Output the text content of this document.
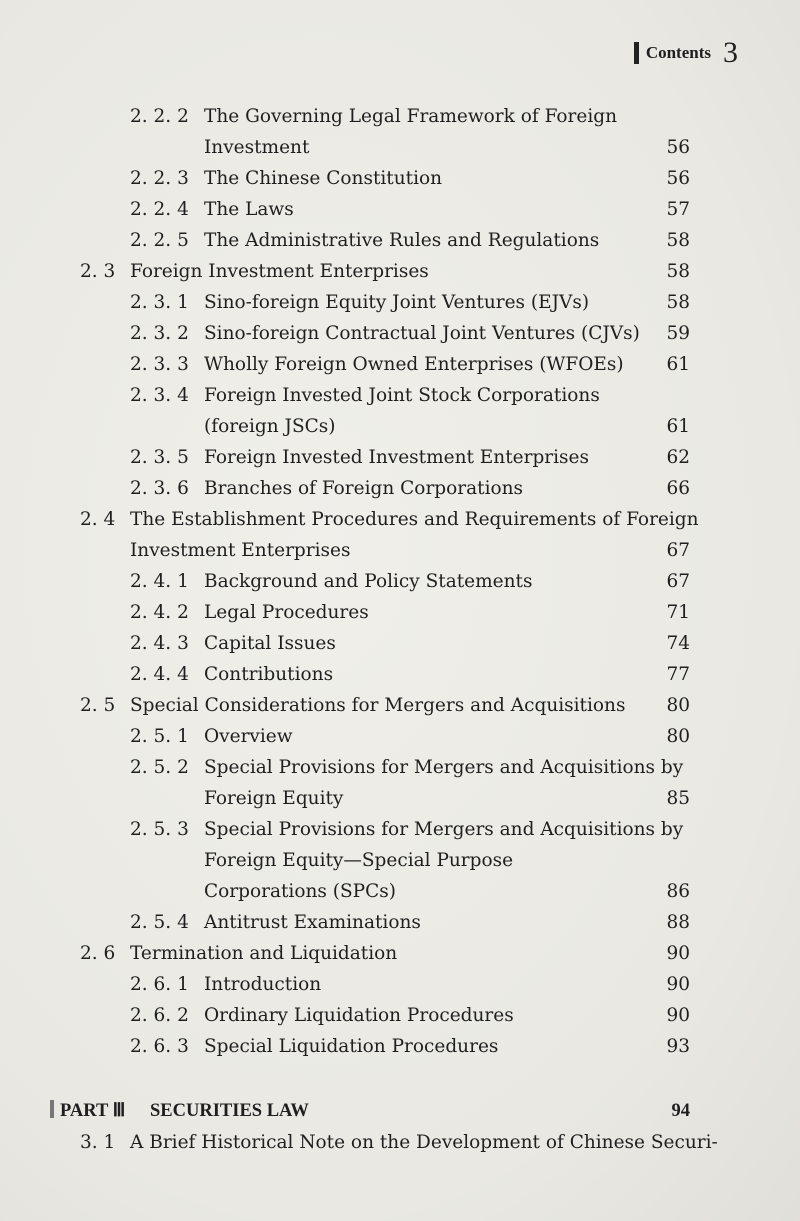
Contents 3
2. 2. 2 The Governing Legal Framework of Foreign
Investment	56
2. 2. 3 The Chinese Constitution	56
2. 2. 4 The Laws	57
2. 2. 5 The Administrative Rules and Regulations	58
2. 3 Foreign Investment Enterprises	58
2. 3. 1 Sino-foreign Equity Joint Ventures (EJVs)	58
2. 3. 2 Sino-foreign Contractual Joint Ventures (CJVs) 59
2. 3. 3 Wholly Foreign Owned Enterprises (WFOEs) 61
2. 3. 4 Foreign Invested Joint Stock Corporations
(foreign JSCs)	61
2. 3. 5 Foreign Invested Investment Enterprises	62
2. 3. 6 Branches of Foreign Corporations	66
2. 4 The Establishment Procedures and Requirements of Foreign
Investment Enterprises	67
2. 4. 1 Background and Policy Statements	67
2. 4. 2 Legal Procedures	71
2. 4. 3 Capital Issues	74
2. 4. 4 Contributions	77
2. 5 Special Considerations for Mergers and Acquisitions 80
2. 5. 1 Overview	80
2. 5. 2 Special Provisions for Mergers and Acquisitions by
Foreign Equity	85
2. 5. 3 Special Provisions for Mergers and Acquisitions by
Foreign Equity—Special Purpose
Corporations (SPCs)	86
2. 5. 4 Antitrust Examinations	88
2. 6 Termination and Liquidation	90
2. 6. 1 Introduction	90
2. 6. 2 Ordinary Liquidation Procedures	90
2. 6. 3 Special Liquidation Procedures	93
PART Ⅲ SECURITIES LAW	94
3. 1 A Brief Historical Note on the Development of Chinese Securi-
